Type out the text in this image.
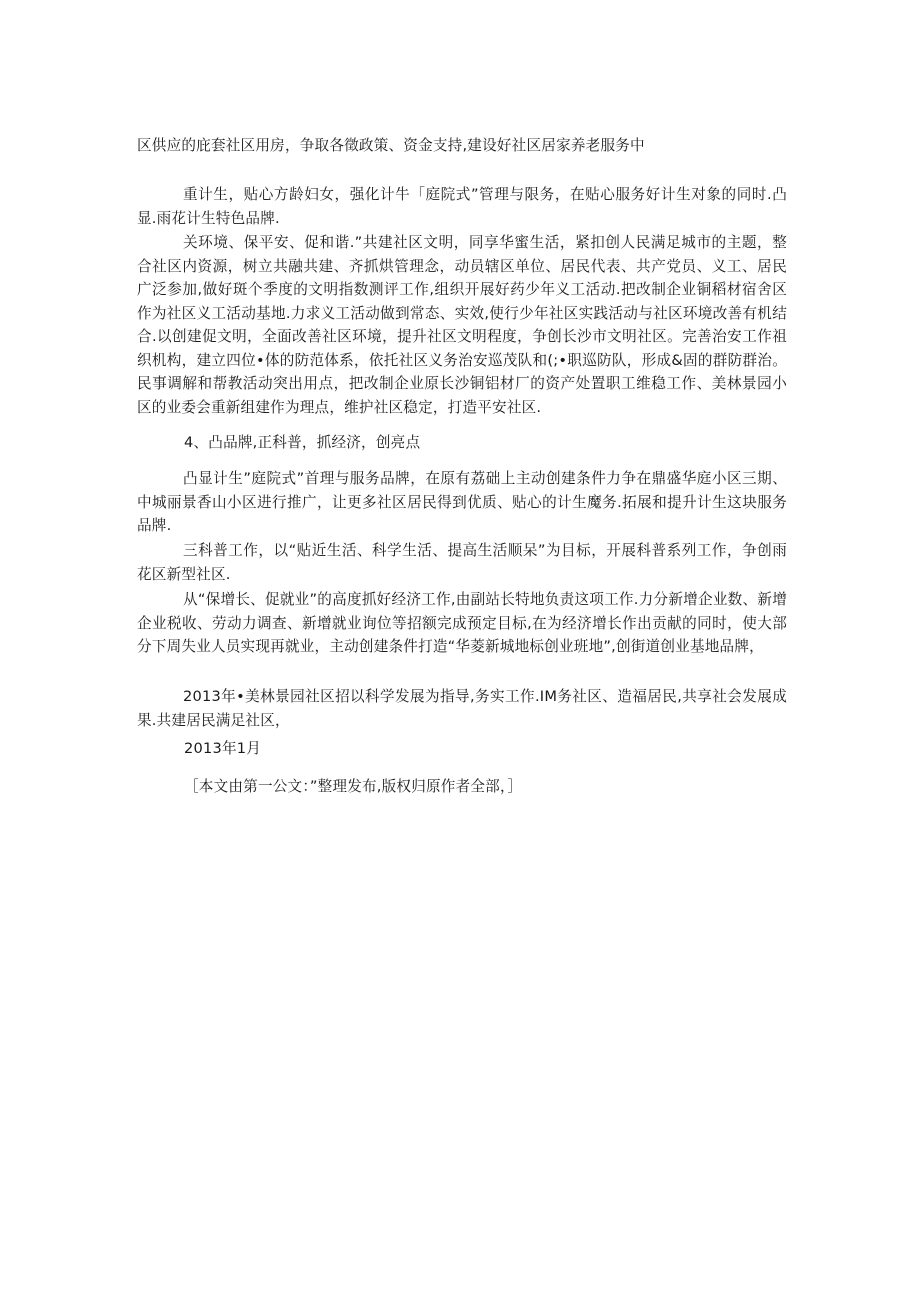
区供应的庇套社区用房，争取各徵政策、资金支持,建设好社区居家养老服务中

重计生，贴心方龄妇女，强化计牛「庭院式”管理与限务，在贴心服务好计生对象的同时.凸显.雨花计生特色品牌.

关环境、保平安、促和谐.”共建社区文明，同享华蜜生活，紧扣创人民满足城市的主题，整合社区内资源，树立共融共建、齐抓烘管理念，动员辖区单位、居民代表、共产党员、义工、居民广泛参加,做好斑个季度的文明指数测评工作,组织开展好药少年义工活动.把改制企业铜稻材宿舍区作为社区义工活动基地.力求义工活动做到常态、实效,使行少年社区实践活动与社区环境改善有机结合.以创建促文明，全面改善社区环境，提升社区文明程度，争创长沙市文明社区。完善治安工作祖织机构，建立四位•体的防范体系，依托社区义务治安巡茂队和(;•职巡防队，形成&固的群防群治。民事调解和帮教活动突出用点，把改制企业原长沙铜铝材厂的资产处置职工维稳工作、美林景园小区的业委会重新组建作为理点，维护社区稳定，打造平安社区.

4、凸品牌,正科普，抓经济，创亮点

凸显计生”庭院式”首理与服务品牌，在原有荔础上主动创建条件力争在鼎盛华庭小区三期、中城丽景香山小区进行推广，让更多社区居民得到优质、贴心的计生魔务.拓展和提升计生这块服务品牌.

三科普工作，以“贴近生活、科学生活、提高生活顺呆”为目标，开展科普系列工作，争创雨花区新型社区.

从“保增长、促就业”的高度抓好经济工作,由副站长特地负责这项工作.力分新增企业数、新增企业税收、劳动力调查、新增就业询位等招额完成预定目标,在为经济增长作出贡献的同时，使大部分下周失业人员实现再就业，主动创建条件打造“华菱新城地标创业班地”,创街道创业基地品牌，

2013年•美林景园社区招以科学发展为指导,务实工作.IM务社区、造福居民,共享社会发展成果.共建居民满足社区，

2013年1月

［本文由第一公文：”整理发布,版权归原作者全部，］
